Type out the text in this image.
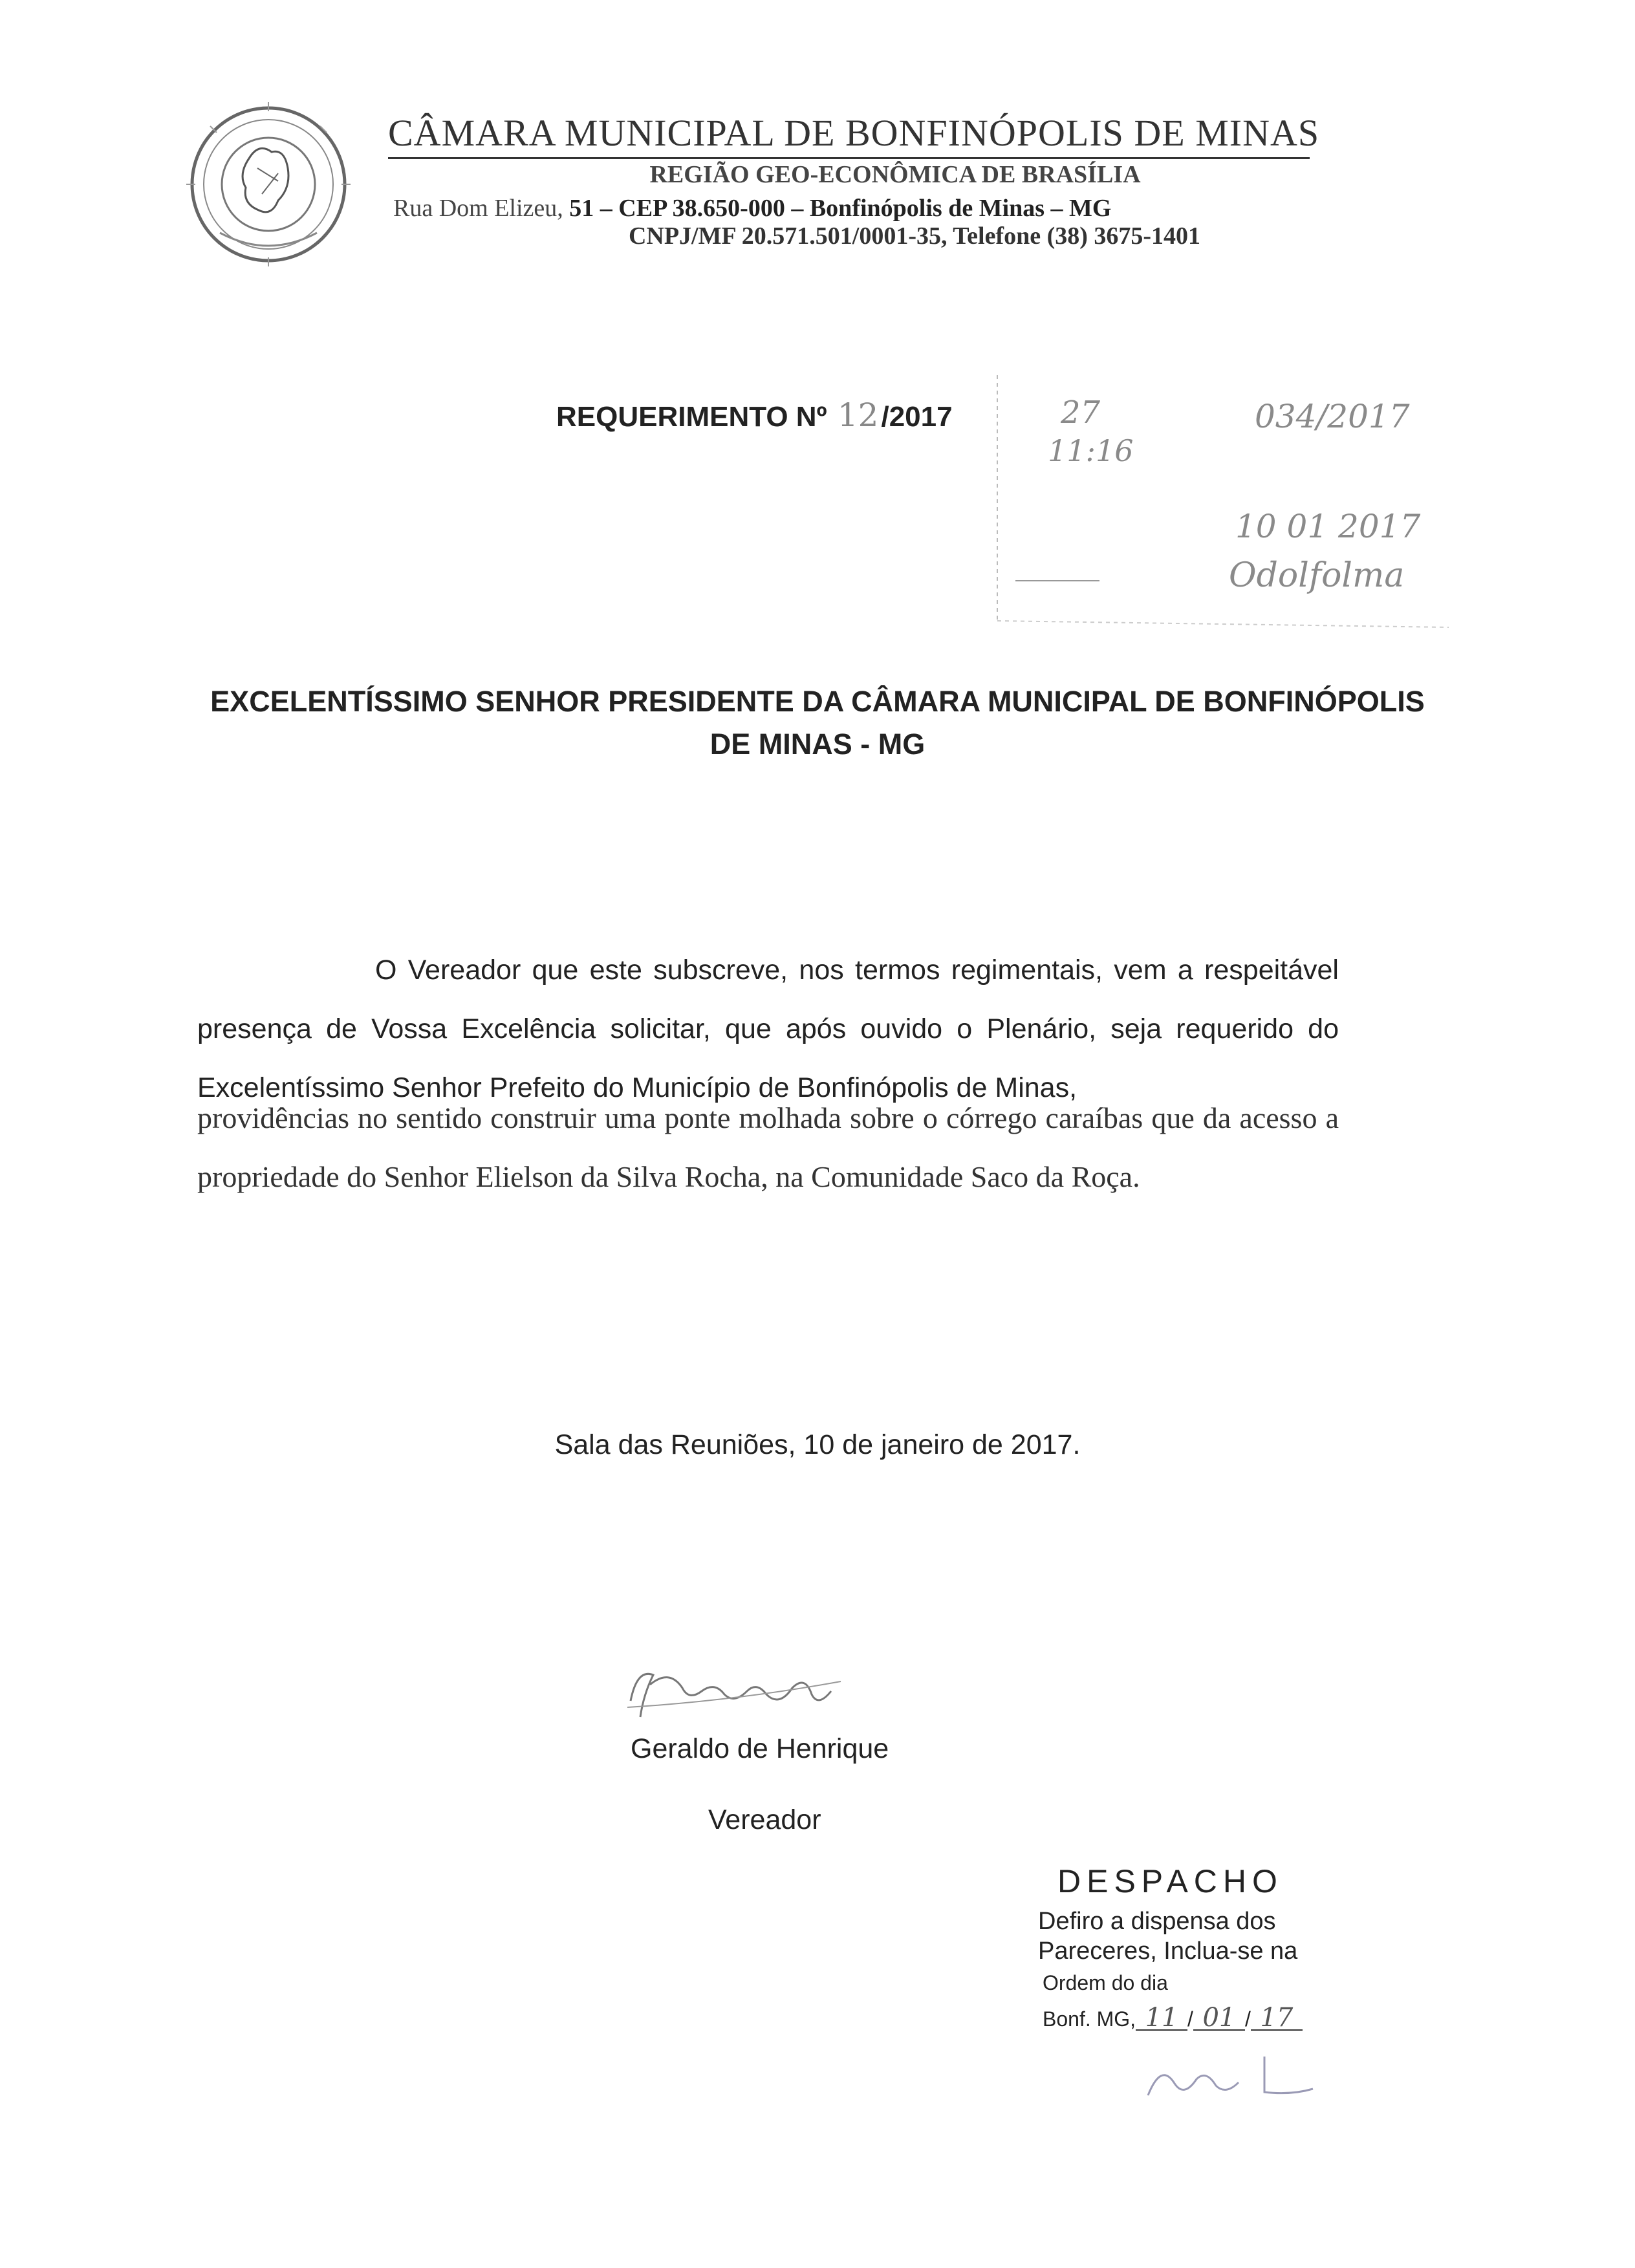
CÂMARA MUNICIPAL DE BONFINÓPOLIS DE MINAS
REGIÃO GEO-ECONÔMICA DE BRASÍLIA
Rua Dom Elizeu, 51 – CEP 38.650-000 – Bonfinópolis de Minas – MG
CNPJ/MF 20.571.501/0001-35, Telefone (38) 3675-1401
REQUERIMENTO Nº 12/2017	27
11:16
034/2017
10 01 2017
Odolfolma
EXCELENTÍSSIMO SENHOR PRESIDENTE DA CÂMARA MUNICIPAL DE BONFINÓPOLIS
DE MINAS - MG
O Vereador que este subscreve, nos termos regimentais, vem a respeitável presença de Vossa Excelência solicitar, que após ouvido o Plenário, seja requerido do Excelentíssimo Senhor Prefeito do Município de Bonfinópolis de Minas,
providências no sentido construir uma ponte molhada sobre o córrego caraíbas que da acesso a propriedade do Senhor Elielson da Silva Rocha, na Comunidade Saco da Roça.
Sala das Reuniões, 10 de janeiro de 2017.
Geraldo de Henrique
Vereador
DESPACHO
Defiro a dispensa dos
Pareceres, Inclua-se na
Ordem do dia
Bonf. MG, 11 / 01 / 17
